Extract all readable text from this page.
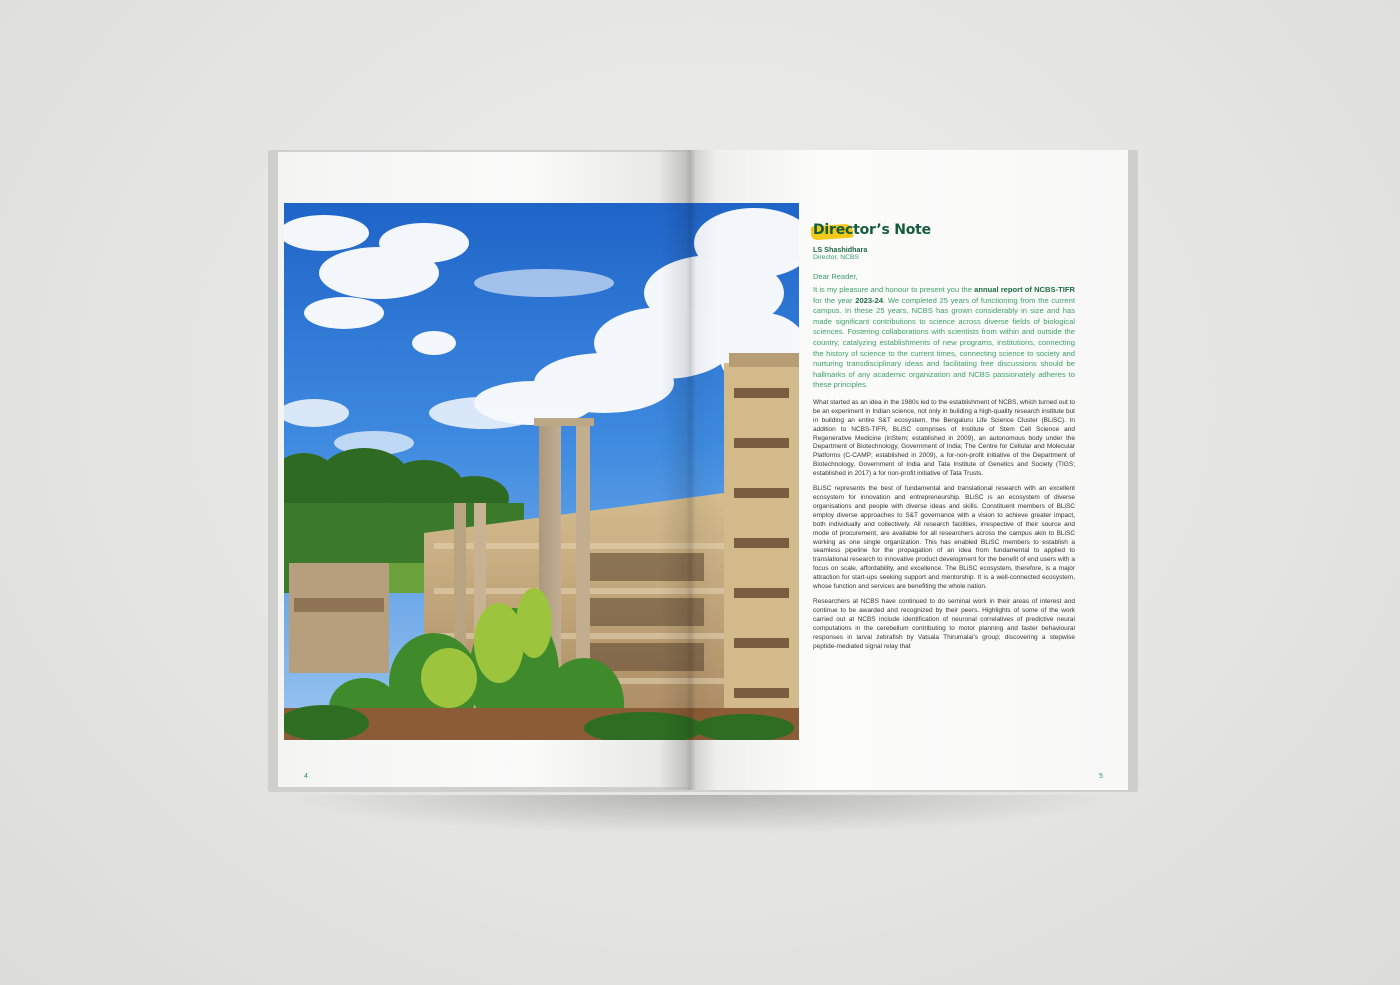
4	5
Director’s Note
LS Shashidhara
Director, NCBS
Dear Reader,
It is my pleasure and honour to present you the annual report of NCBS-TIFR for the year 2023-24. We completed 25 years of functioning from the current campus. In these 25 years, NCBS has grown considerably in size and has made significant contributions to science across diverse fields of biological sciences. Fostering collaborations with scientists from within and outside the country, catalyzing establishments of new programs, institutions, connecting the history of science to the current times, connecting science to society and nurturing transdisciplinary ideas and facilitating free discussions should be hallmarks of any academic organization and NCBS passionately adheres to these principles.

What started as an idea in the 1980s led to the establishment of NCBS, which turned out to be an experiment in Indian science, not only in building a high-quality research institute but in building an entire S&T ecosystem, the Bengaluru Life Science Cluster (BLiSC). In addition to NCBS-TIFR, BLiSC comprises of Institute of Stem Cell Science and Regenerative Medicine (inStem; established in 2009), an autonomous body under the Department of Biotechnology, Government of India; The Centre for Cellular and Molecular Platforms (C-CAMP; established in 2009), a for-non-profit initiative of the Department of Biotechnology, Government of India and Tata Institute of Genetics and Society (TIGS; established in 2017) a for non-profit initiative of Tata Trusts.

BLiSC represents the best of fundamental and translational research with an excellent ecosystem for innovation and entrepreneurship. BLiSC is an ecosystem of diverse organisations and people with diverse ideas and skills. Constituent members of BLiSC employ diverse approaches to S&T governance with a vision to achieve greater impact, both individually and collectively. All research facilities, irrespective of their source and mode of procurement, are available for all researchers across the campus akin to BLiSC working as one single organization. This has enabled BLiSC members to establish a seamless pipeline for the propagation of an idea from fundamental to applied to translational research to innovative product development for the benefit of end users with a focus on scale, affordability, and excellence. The BLiSC ecosystem, therefore, is a major attraction for start-ups seeking support and mentorship. It is a well-connected ecosystem, whose function and services are benefiting the whole nation.

Researchers at NCBS have continued to do seminal work in their areas of interest and continue to be awarded and recognized by their peers. Highlights of some of the work carried out at NCBS include identification of neuronal correlatives of predictive neural computations in the cerebellum contributing to motor planning and faster behavioural responses in larval zebrafish by Vatsala Thirumalai's group; discovering a stepwise peptide-mediated signal relay that
